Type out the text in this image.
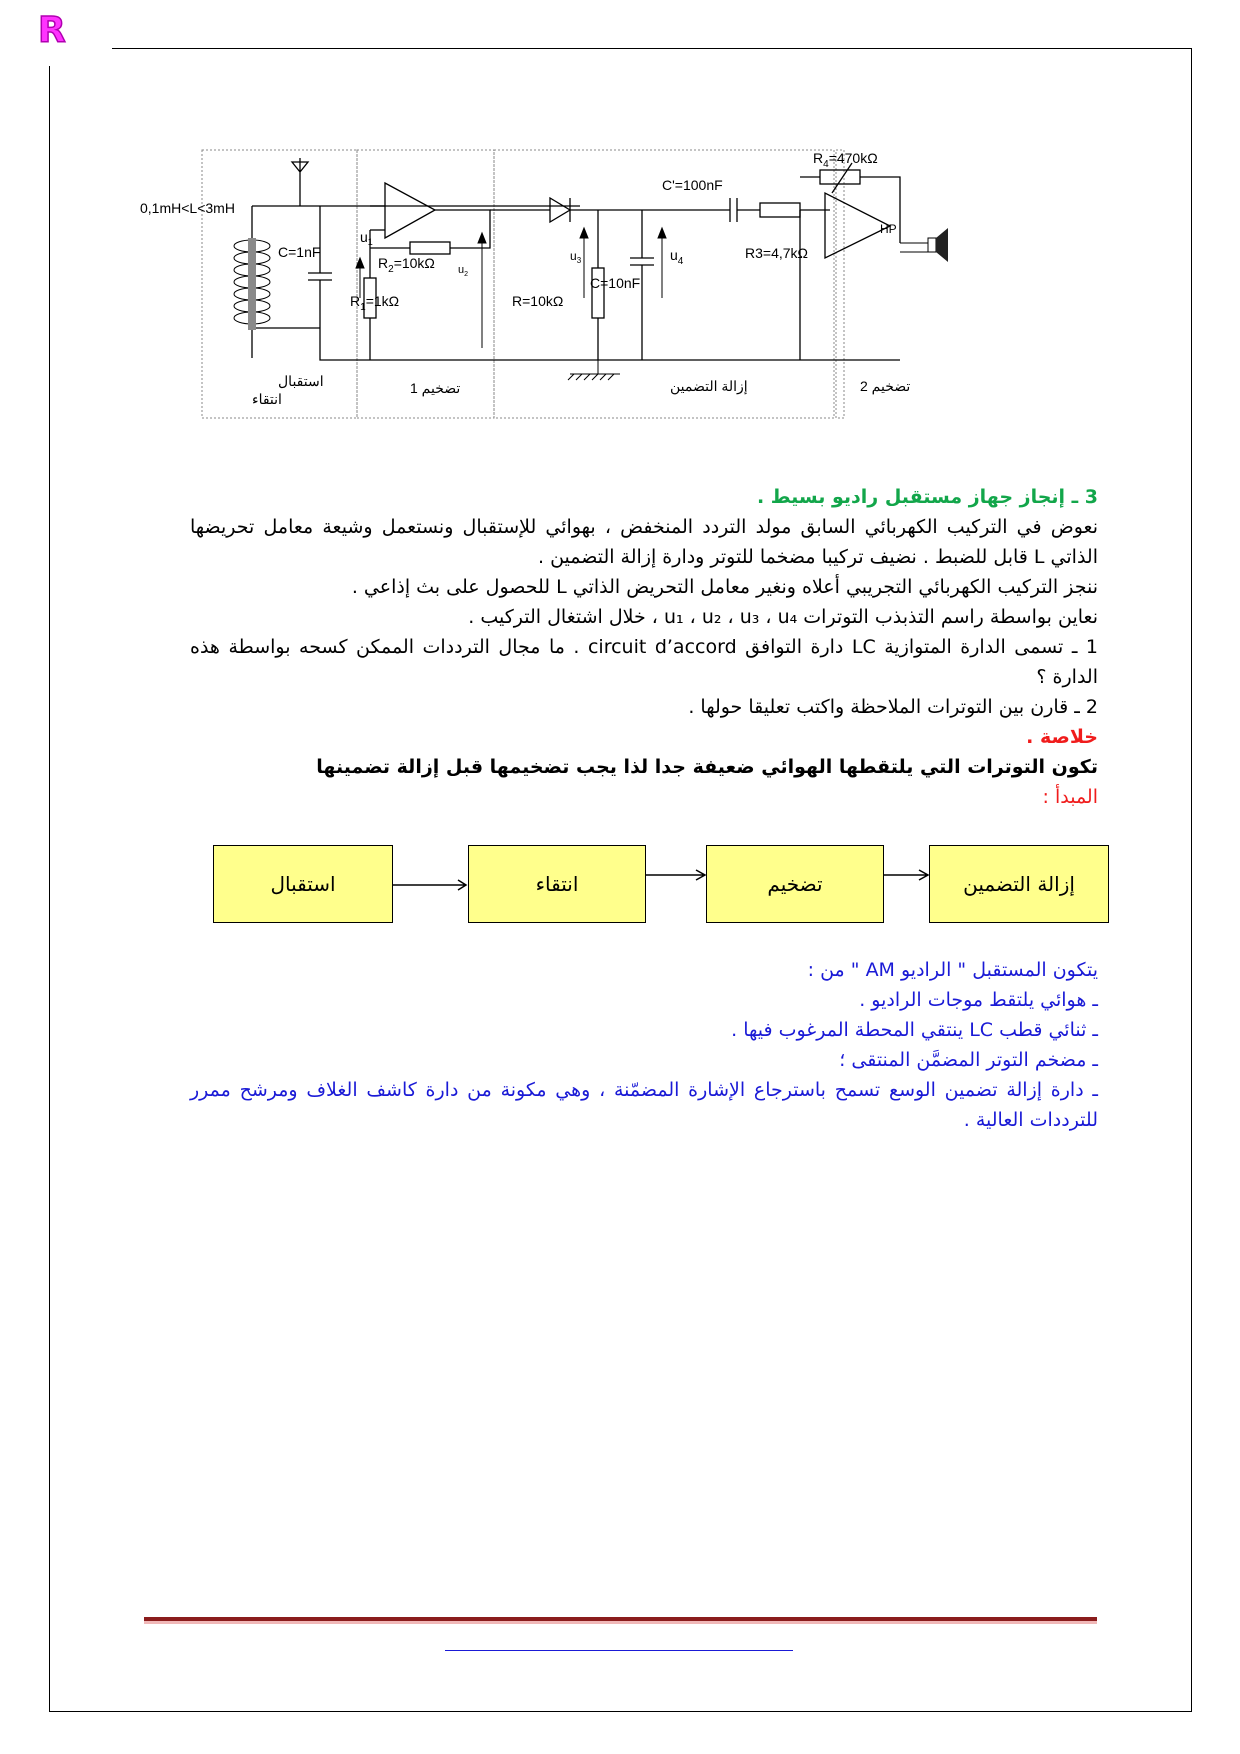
R
0,1mH<L<3mH
C=1nF
$u_1$
$R_2=10k\Omega$
$R_1=1k\Omega$
$u_2$
$u_3$	$u_4$
C'=100nF
C=10nF
R=10kΩ
R3=4,7kΩ
$R_4=470k\Omega$
HP
استقبال
انتقاء
تضخيم 1	إزالة التضمين	تضخيم 2
3 ـ إنجاز جهاز مستقبل راديو بسيط .
نعوض في التركيب الكهربائي السابق مولد التردد المنخفض ، بهوائي للإستقبال ونستعمل وشيعة معامل تحريضها الذاتي L قابل للضبط . نضيف تركيبا مضخما للتوتر ودارة إزالة التضمين .
ننجز التركيب الكهربائي التجريبي أعلاه ونغير معامل التحريض الذاتي L للحصول على بث إذاعي .
نعاين بواسطة راسم التذبذب التوترات u₁ ، u₂ ، u₃ ، u₄ ، خلال اشتغال التركيب .
1 ـ تسمى الدارة المتوازية LC دارة التوافق circuit d’accord . ما مجال الترددات الممكن كسحه بواسطة هذه الدارة ؟
2 ـ قارن بين التوترات الملاحظة واكتب تعليقا حولها .
خلاصة .
تكون التوترات التي يلتقطها الهوائي ضعيفة جدا لذا يجب تضخيمها قبل إزالة تضمينها
المبدأ :
استقبال	انتقاء	تضخيم	إزالة التضمين
يتكون المستقبل " الراديو AM " من :
ـ هوائي يلتقط موجات الراديو .
ـ ثنائي قطب LC ينتقي المحطة المرغوب فيها .
ـ مضخم التوتر المضمَّن المنتقى ؛
ـ دارة إزالة تضمين الوسع تسمح باسترجاع الإشارة المضمّنة ، وهي مكونة من دارة كاشف الغلاف ومرشح ممرر للترددات العالية .
